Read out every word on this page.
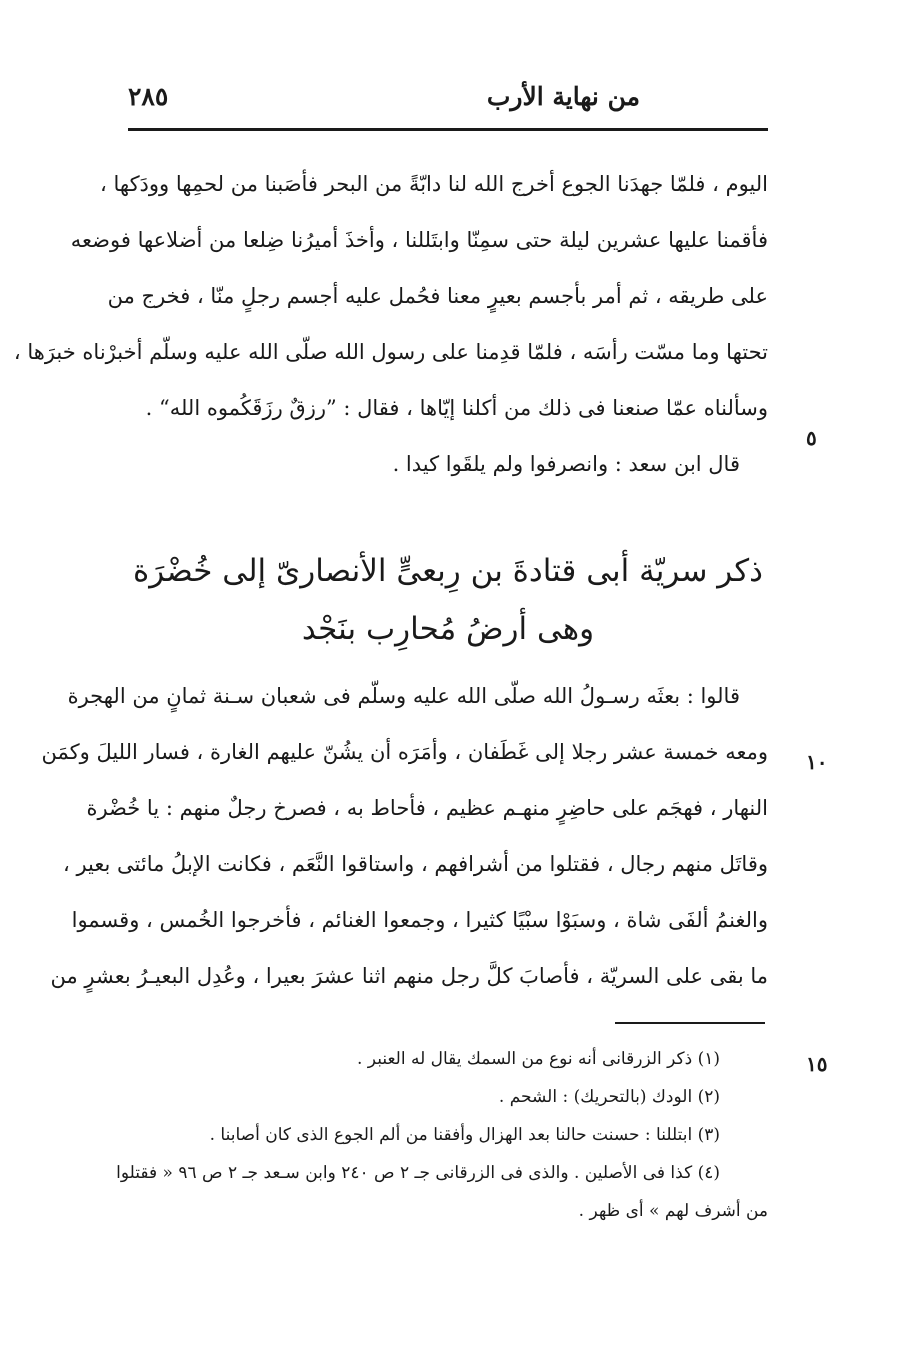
من نهاية الأرب
٢٨٥
اليوم ، فلمّا جهدَنا الجوع أخرج الله لنا دابّةً من البحر فأصَبنا من لحمِها وودَكها ،
فأقمنا عليها عشرين ليلة حتى سمِنّا وابتَللنا ، وأخذَ أميرُنا ضِلعا من أضلاعها فوضعه
على طريقه ، ثم أمر بأجسم بعيرٍ معنا فحُمل عليه أجسم رجلٍ منّا ، فخرج من
تحتها وما مسّت رأسَه ، فلمّا قدِمنا على رسول الله صلّى الله عليه وسلّم أخبرْناه خبرَها ،
وسألناه عمّا صنعنا فى ذلك من أكلنا إيّاها ، فقال : ”رزقٌ رزَقَكُموه الله“ .
قال ابن سعد : وانصرفوا ولم يلقَوا كيدا .
٥
ذكر سريّة أبى قتادةَ بن رِبعىٍّ الأنصارىّ إلى خُضْرَة
وهى أرضُ مُحارِب بنَجْد
قالوا : بعثَه رسـولُ الله صلّى الله عليه وسلّم فى شعبان سـنة ثمانٍ من الهجرة
ومعه خمسة عشر رجلا إلى غَطَفان ، وأمَرَه أن يشُنّ عليهم الغارة ، فسار الليلَ وكمَن
النهار ، فهجَم على حاضِرٍ منهـم عظيم ، فأحاط به ، فصرخ رجلٌ منهم : يا خُضْرة
وقاتَل منهم رجال ، فقتلوا من أشرافهم ، واستاقوا النَّعَم ، فكانت الإبلُ مائتى بعير ،
والغنمُ ألفَى شاة ، وسبَوْا سبْيًا كثيرا ، وجمعوا الغنائم ، فأخرجوا الخُمس ، وقسموا
ما بقى على السريّة ، فأصابَ كلَّ رجل منهم اثنا عشرَ بعيرا ، وعُدِل البعيـرُ بعشرٍ من
١٠
١٥
(١) ذكر الزرقانى أنه نوع من السمك يقال له العنبر .
(٢) الودك (بالتحريك) : الشحم .
(٣) ابتللنا : حسنت حالنا بعد الهزال وأفقنا من ألم الجوع الذى كان أصابنا .
(٤) كذا فى الأصلين . والذى فى الزرقانى جـ ٢ ص ٢٤٠ وابن سـعد جـ ٢ ص ٩٦ « فقتلوا
من أشرف لهم » أى ظهر .
